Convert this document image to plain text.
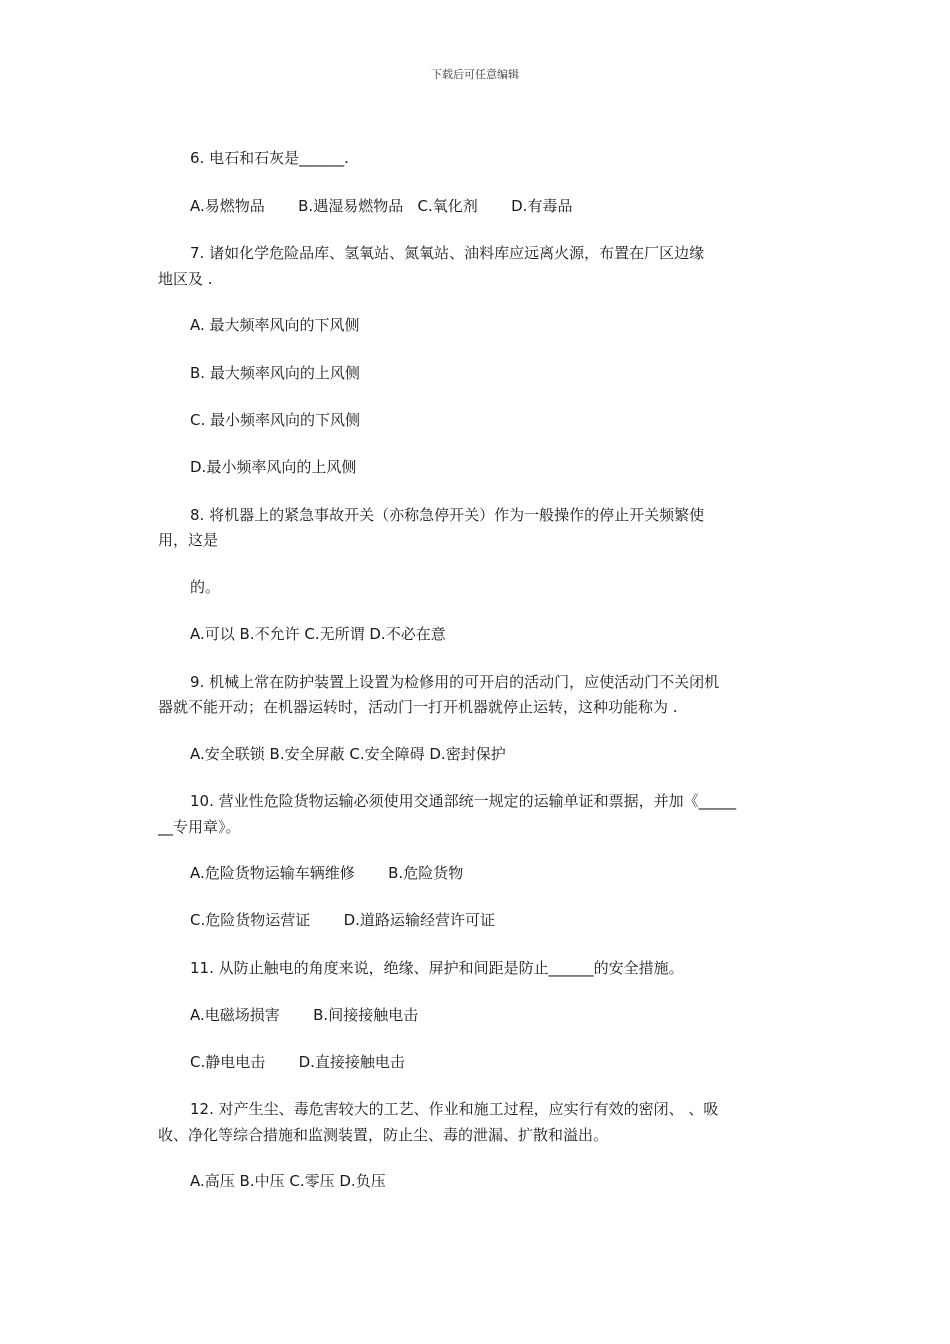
下载后可任意编辑
6. 电石和石灰是______.
A.易燃物品       B.遇湿易燃物品   C.氧化剂       D.有毒品
7. 诸如化学危险品库、氢氧站、氮氧站、油料库应远离火源，布置在厂区边缘
地区及 .
A. 最大频率风向的下风侧
B. 最大频率风向的上风侧
C. 最小频率风向的下风侧
D.最小频率风向的上风侧
8. 将机器上的紧急事故开关（亦称急停开关）作为一般操作的停止开关频繁使
用，这是
的。
A.可以 B.不允许 C.无所谓 D.不必在意
9. 机械上常在防护装置上设置为检修用的可开启的活动门，应使活动门不关闭机
器就不能开动；在机器运转时，活动门一打开机器就停止运转，这种功能称为 .
A.安全联锁 B.安全屏蔽 C.安全障碍 D.密封保护
10. 营业性危险货物运输必须使用交通部统一规定的运输单证和票据，并加《_____
__专用章》。
A.危险货物运输车辆维修       B.危险货物
C.危险货物运营证       D.道路运输经营许可证
11. 从防止触电的角度来说，绝缘、屏护和间距是防止______的安全措施。
A.电磁场损害       B.间接接触电击
C.静电电击       D.直接接触电击
12. 对产生尘、毒危害较大的工艺、作业和施工过程，应实行有效的密闭、 、吸
收、净化等综合措施和监测装置，防止尘、毒的泄漏、扩散和溢出。
A.高压 B.中压 C.零压 D.负压
